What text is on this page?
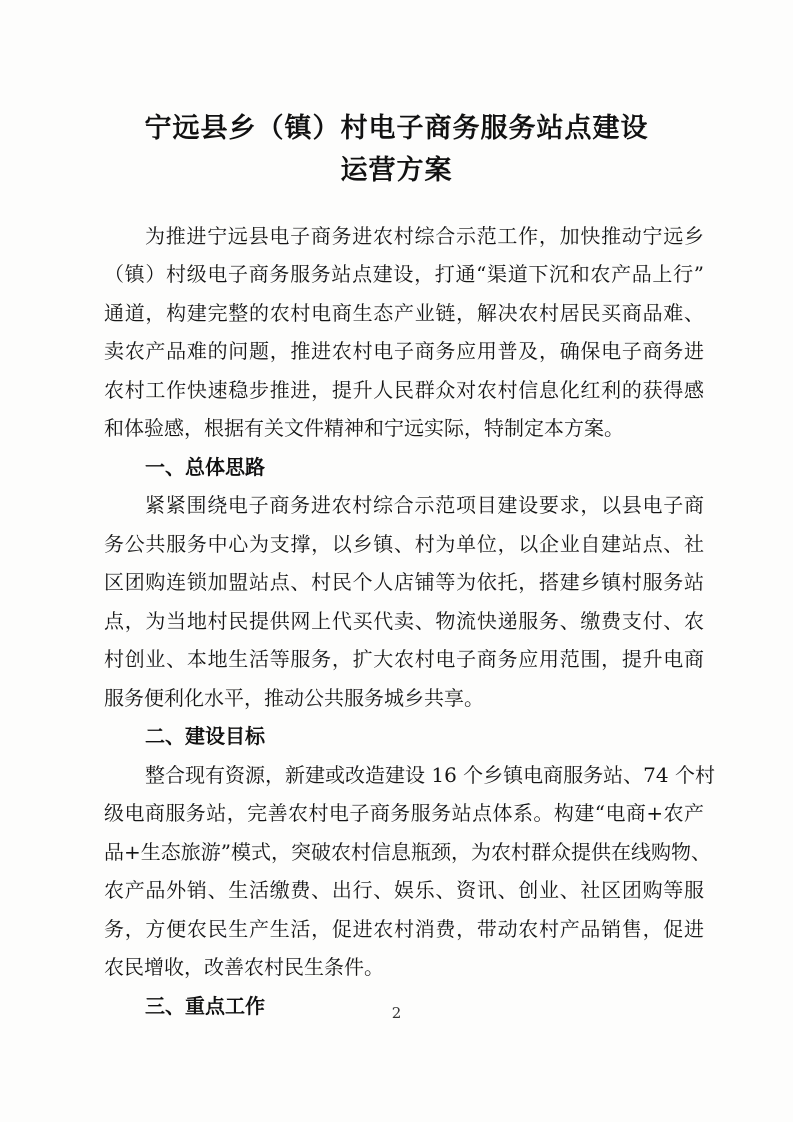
宁远县乡（镇）村电子商务服务站点建设
运营方案
为推进宁远县电子商务进农村综合示范工作，加快推动宁远乡
（镇）村级电子商务服务站点建设，打通“渠道下沉和农产品上行”
通道，构建完整的农村电商生态产业链，解决农村居民买商品难、
卖农产品难的问题，推进农村电子商务应用普及，确保电子商务进
农村工作快速稳步推进，提升人民群众对农村信息化红利的获得感
和体验感，根据有关文件精神和宁远实际，特制定本方案。
一、总体思路
紧紧围绕电子商务进农村综合示范项目建设要求，以县电子商
务公共服务中心为支撑，以乡镇、村为单位，以企业自建站点、社
区团购连锁加盟站点、村民个人店铺等为依托，搭建乡镇村服务站
点，为当地村民提供网上代买代卖、物流快递服务、缴费支付、农
村创业、本地生活等服务，扩大农村电子商务应用范围，提升电商
服务便利化水平，推动公共服务城乡共享。
二、建设目标
整合现有资源，新建或改造建设 16 个乡镇电商服务站、74 个村
级电商服务站，完善农村电子商务服务站点体系。构建“电商+农产
品+生态旅游”模式，突破农村信息瓶颈，为农村群众提供在线购物、
农产品外销、生活缴费、出行、娱乐、资讯、创业、社区团购等服
务，方便农民生产生活，促进农村消费，带动农村产品销售，促进
农民增收，改善农村民生条件。
三、重点工作	2
